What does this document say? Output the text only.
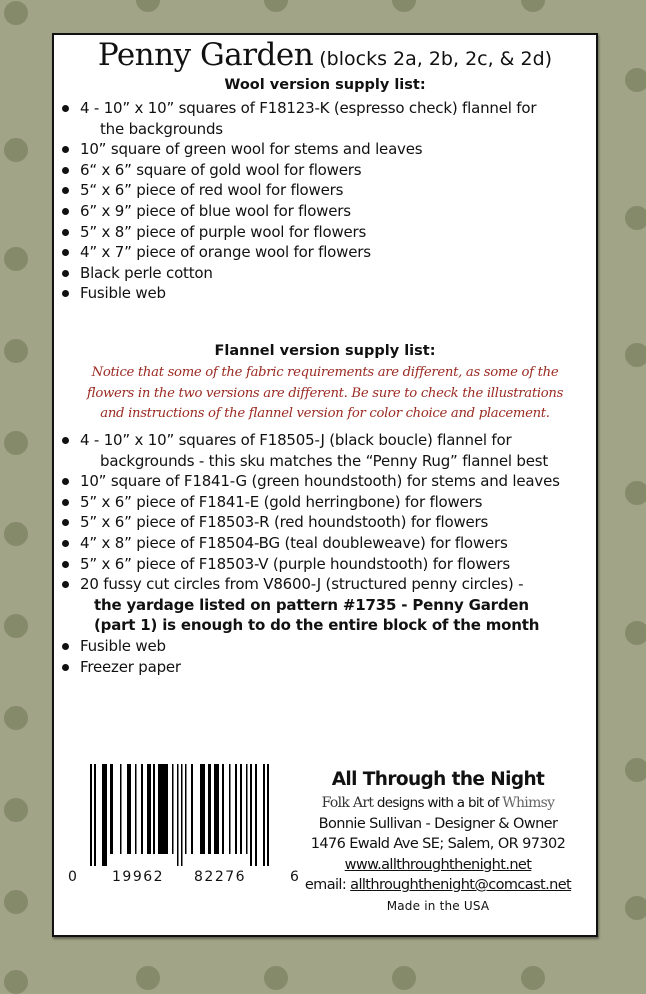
Penny Garden (blocks 2a, 2b, 2c, & 2d)
Wool version supply list:
4 - 10” x 10” squares of F18123-K (espresso check) flannel for
the backgrounds
10” square of green wool for stems and leaves
6“ x 6” square of gold wool for flowers
5“ x 6” piece of red wool for flowers
6” x 9” piece of blue wool for flowers
5” x 8” piece of purple wool for flowers
4” x 7” piece of orange wool for flowers
Black perle cotton
Fusible web
Flannel version supply list:
Notice that some of the fabric requirements are different, as some of the
flowers in the two versions are different. Be sure to check the illustrations
and instructions of the flannel version for color choice and placement.
4 - 10” x 10” squares of F18505-J (black boucle) flannel for
backgrounds - this sku matches the “Penny Rug” flannel best
10” square of F1841-G (green houndstooth) for stems and leaves
5” x 6” piece of F1841-E (gold herringbone) for flowers
5” x 6” piece of F18503-R (red houndstooth) for flowers
4” x 8” piece of F18504-BG (teal doubleweave) for flowers
5” x 6” piece of F18503-V (purple houndstooth) for flowers
20 fussy cut circles from V8600-J (structured penny circles) -
the yardage listed on pattern #1735 - Penny Garden
(part 1) is enough to do the entire block of the month
Fusible web
Freezer paper
0	19962 82276	6
All Through the Night
Folk Art designs with a bit of Whimsy
Bonnie Sullivan - Designer & Owner
1476 Ewald Ave SE; Salem, OR 97302
www.allthroughthenight.net
email: allthroughthenight@comcast.net
Made in the USA
